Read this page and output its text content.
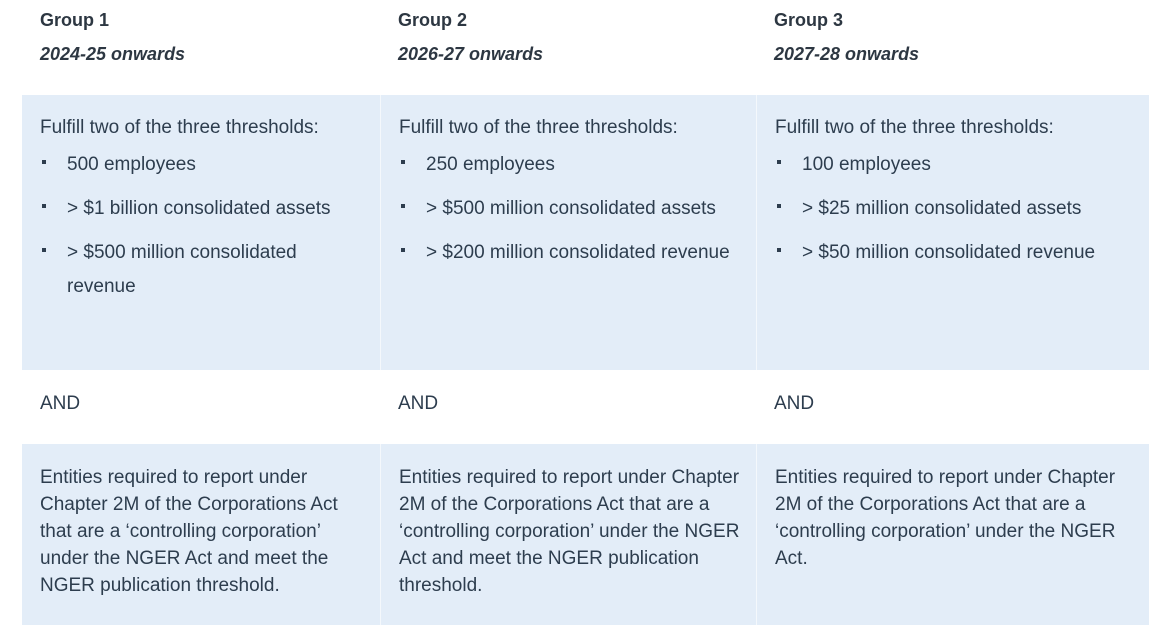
Group 1

2024-25 onwards

Group 2

2026-27 onwards

Group 3

2027-28 onwards

Fulfill two of the three thresholds:

500 employees
> $1 billion consolidated assets
> $500 million consolidated revenue

Fulfill two of the three thresholds:

250 employees
> $500 million consolidated assets
> $200 million consolidated revenue

Fulfill two of the three thresholds:

100 employees
> $25 million consolidated assets
> $50 million consolidated revenue

AND	AND	AND

Entities required to report under Chapter 2M of the Corporations Act that are a ‘controlling corporation’ under the NGER Act and meet the NGER publication threshold.

Entities required to report under Chapter 2M of the Corporations Act that are a ‘controlling corporation’ under the NGER Act and meet the NGER publication threshold.

Entities required to report under Chapter 2M of the Corporations Act that are a ‘controlling corporation’ under the NGER Act.
